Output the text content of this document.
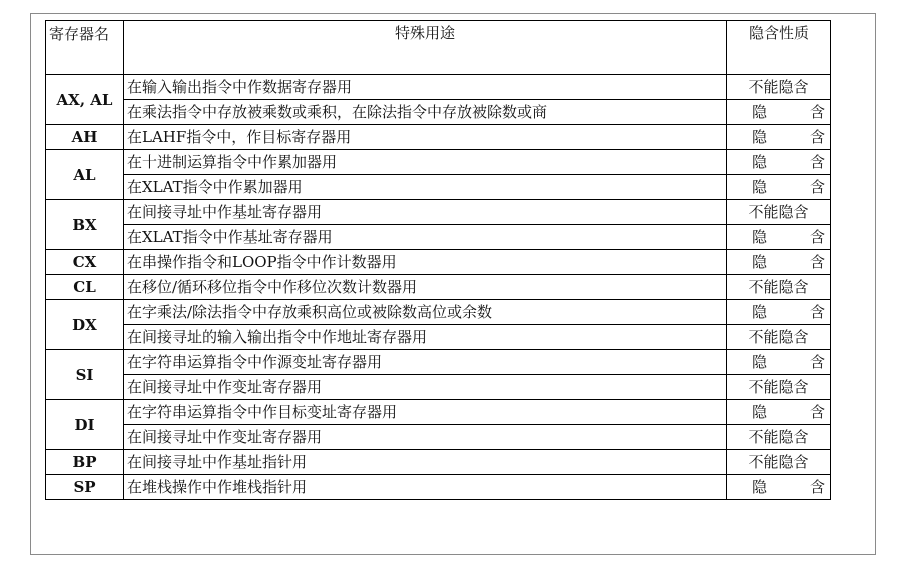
寄存器名	特殊用途	隐含性质
AX, AL	在输入输出指令中作数据寄存器用	不能隐含
	在乘法指令中存放被乘数或乘积，在除法指令中存放被除数或商	隐 含

AH	在LAHF指令中，作目标寄存器用	隐 含

AL	在十进制运算指令中作累加器用	隐 含

	在XLAT指令中作累加器用	隐 含

BX	在间接寻址中作基址寄存器用	不能隐含
	在XLAT指令中作基址寄存器用	隐 含

CX	在串操作指令和LOOP指令中作计数器用	隐 含

CL	在移位/循环移位指令中作移位次数计数器用	不能隐含
DX	在字乘法/除法指令中存放乘积高位或被除数高位或余数	隐 含

	在间接寻址的输入输出指令中作地址寄存器用	不能隐含
SI	在字符串运算指令中作源变址寄存器用	隐 含

	在间接寻址中作变址寄存器用	不能隐含
DI	在字符串运算指令中作目标变址寄存器用	隐 含

	在间接寻址中作变址寄存器用	不能隐含
BP	在间接寻址中作基址指针用	不能隐含
SP	在堆栈操作中作堆栈指针用	隐 含
